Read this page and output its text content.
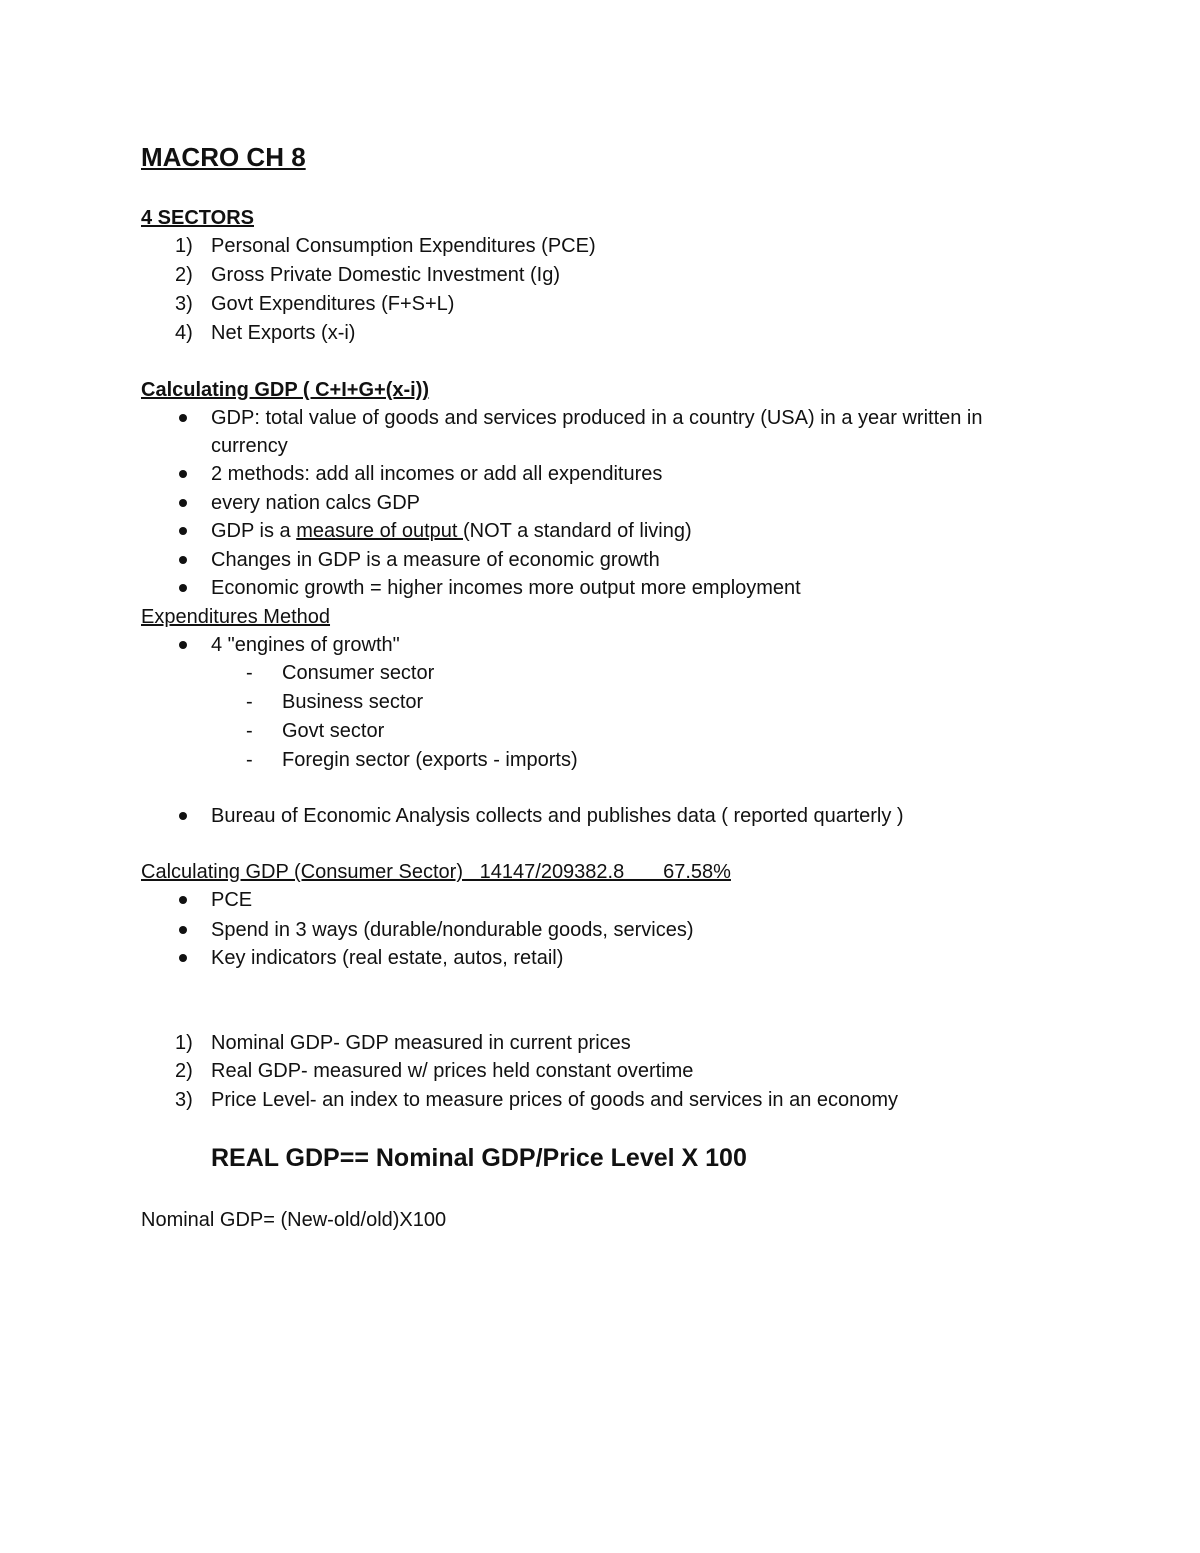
MACRO CH 8
4 SECTORS
1) Personal Consumption Expenditures (PCE)
2) Gross Private Domestic Investment (Ig)
3) Govt Expenditures (F+S+L)
4) Net Exports (x-i)
Calculating GDP ( C+I+G+(x-i))
GDP: total value of goods and services produced in a country (USA) in a year written in
currency
2 methods: add all incomes or add all expenditures
every nation calcs GDP
GDP is a measure of output (NOT a standard of living)
Changes in GDP is a measure of economic growth
Economic growth = higher incomes more output more employment
Expenditures Method
4 "engines of growth"
- Consumer sector
- Business sector
- Govt sector
- Foregin sector (exports - imports)
Bureau of Economic Analysis collects and publishes data ( reported quarterly )
Calculating GDP (Consumer Sector)   14147/209382.8       67.58%
PCE
Spend in 3 ways (durable/nondurable goods, services)
Key indicators (real estate, autos, retail)
1) Nominal GDP- GDP measured in current prices
2) Real GDP- measured w/ prices held constant overtime
3) Price Level- an index to measure prices of goods and services in an economy
REAL GDP== Nominal GDP/Price Level X 100
Nominal GDP= (New-old/old)X100
